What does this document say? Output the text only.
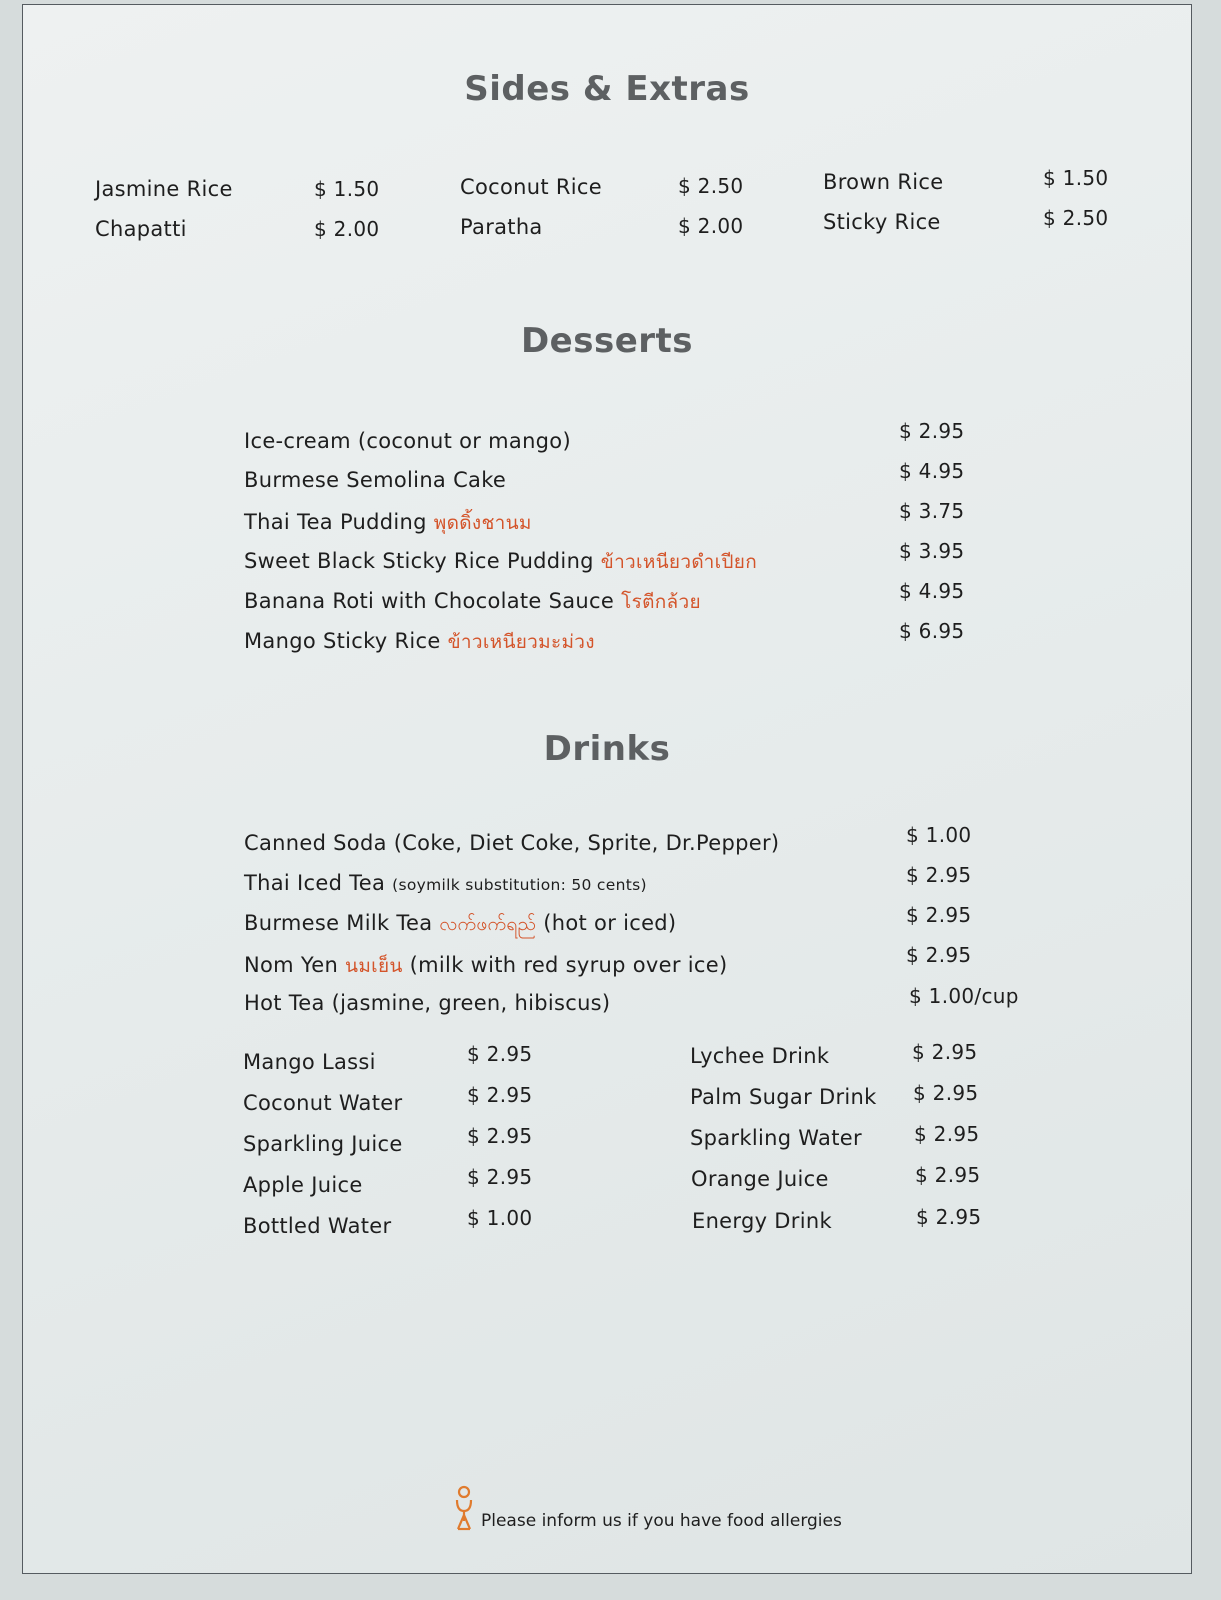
Sides & Extras
Jasmine Rice	$ 1.50
Chapatti	$ 2.00
Coconut Rice	$ 2.50
Paratha	$ 2.00
Brown Rice	$ 1.50
Sticky Rice	$ 2.50
Desserts
Ice-cream (coconut or mango)	$ 2.95
Burmese Semolina Cake	$ 4.95
Thai Tea Pudding พุดดิ้งชานม	$ 3.75
Sweet Black Sticky Rice Pudding ข้าวเหนียวดำเปียก	$ 3.95
Banana Roti with Chocolate Sauce โรตีกล้วย	$ 4.95
Mango Sticky Rice ข้าวเหนียวมะม่วง	$ 6.95
Drinks
Canned Soda (Coke, Diet Coke, Sprite, Dr.Pepper)	$ 1.00
Thai Iced Tea (soymilk substitution: 50 cents)	$ 2.95
Burmese Milk Tea လက်ဖက်ရည် (hot or iced)	$ 2.95
Nom Yen นมเย็น (milk with red syrup over ice)	$ 2.95
Hot Tea (jasmine, green, hibiscus)	$ 1.00/cup
Mango Lassi	$ 2.95
Coconut Water	$ 2.95
Sparkling Juice	$ 2.95
Apple Juice	$ 2.95
Bottled Water	$ 1.00
Lychee Drink	$ 2.95
Palm Sugar Drink $ 2.95
Sparkling Water	$ 2.95
Orange Juice	$ 2.95
Energy Drink	$ 2.95
Please inform us if you have food allergies
